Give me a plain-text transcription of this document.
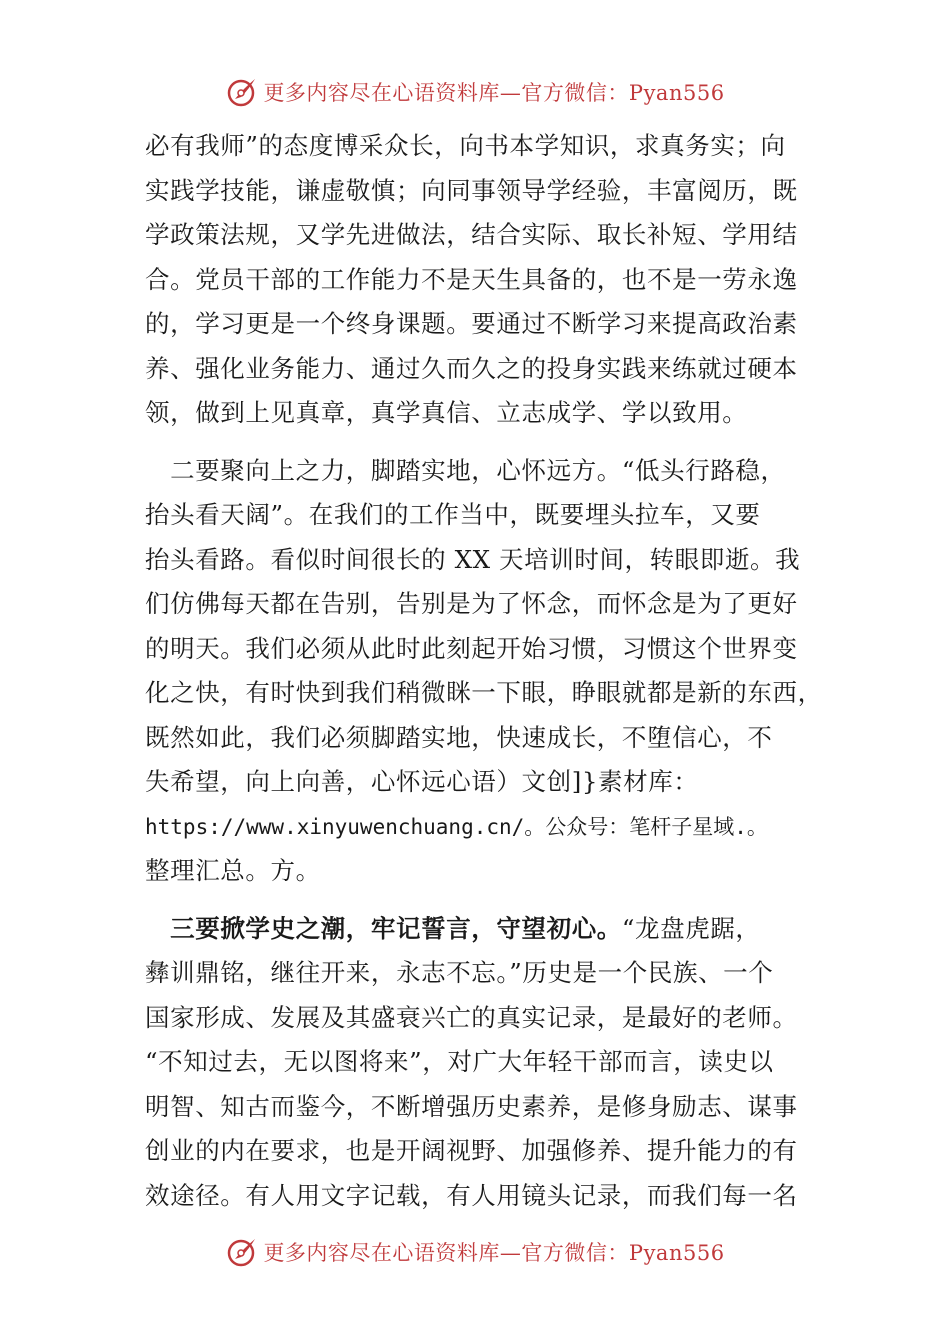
更多内容尽在心语资料库—官方微信：Pyan556
必有我师”的态度博采众长，向书本学知识，求真务实；向
实践学技能，谦虚敬慎；向同事领导学经验，丰富阅历，既
学政策法规，又学先进做法，结合实际、取长补短、学用结
合。党员干部的工作能力不是天生具备的，也不是一劳永逸
的，学习更是一个终身课题。要通过不断学习来提高政治素
养、强化业务能力、通过久而久之的投身实践来练就过硬本
领，做到上见真章，真学真信、立志成学、学以致用。
　二要聚向上之力，脚踏实地，心怀远方。“低头行路稳，
抬头看天阔”。在我们的工作当中，既要埋头拉车，又要
抬头看路。看似时间很长的 XX 天培训时间，转眼即逝。我
们仿佛每天都在告别，告别是为了怀念，而怀念是为了更好
的明天。我们必须从此时此刻起开始习惯，习惯这个世界变
化之快，有时快到我们稍微眯一下眼，睁眼就都是新的东西，
既然如此，我们必须脚踏实地，快速成长，不堕信心，不
失希望，向上向善，心怀远心语）文创]}素材库：
https://www.xinyuwenchuang.cn/。公众号：笔杆子星域.。
整理汇总。方。
　三要掀学史之潮，牢记誓言，守望初心。“龙盘虎踞，
彝训鼎铭，继往开来，永志不忘。”历史是一个民族、一个
国家形成、发展及其盛衰兴亡的真实记录，是最好的老师。
“不知过去，无以图将来”，对广大年轻干部而言，读史以
明智、知古而鉴今，不断增强历史素养，是修身励志、谋事
创业的内在要求，也是开阔视野、加强修养、提升能力的有
效途径。有人用文字记载，有人用镜头记录，而我们每一名
更多内容尽在心语资料库—官方微信：Pyan556
